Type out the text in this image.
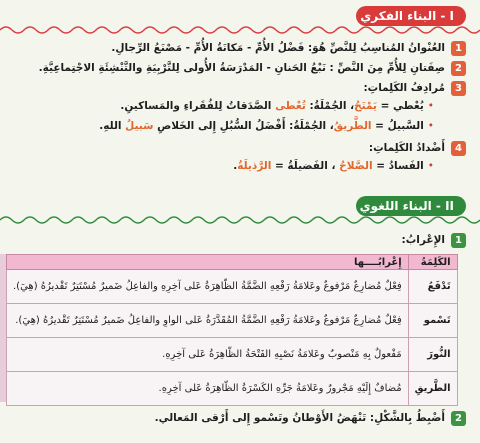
I - البناء الفكري
1العُنْوانُ المُناسِبُ لِلنَّصِّ هُوَ: فَضْلُ الأُمِّ - مَكانَةُ الأُمِّ - مَصْنَعُ الرِّجالِ.
2صِفَتانِ لِلأُمِّ مِنَ النَّصِّ : نَبْعُ الحَنانِ - المَدْرَسَةُ الأُولى لِلتَّرْبِيَةِ والتَّنْشِئَةِ الاجْتِماعِيَّةِ.
3مُرادِفُ الكَلِماتِ:
•يُعْطي = يَمْنَحُ، الجُمْلَةُ: تُعْطى الصَّدَقاتُ لِلفُقَراءِ والمَساكينِ.
•السَّبيلُ = الطَّريقُ، الجُمْلَةُ: أَفْضَلُ السُّبُلِ إِلى الخَلاصِ سَبيلُ اللهِ.
4أَضْدادُ الكَلِماتِ:
•الفَسادُ = الصَّلاحُ ، الفَضيلَةُ = الرَّذيلَةُ.
II - البناء اللغوي
1الإِعْرابُ:
الكَلِمَةُ	إِعْرابُــــها
تَدْفَعُ	فِعْلٌ مُضارِعٌ مَرْفوعٌ وعَلامَةُ رَفْعِهِ الضَّمَّةُ الظّاهِرَةُ عَلى آخِرِهِ والفاعِلُ ضَميرٌ مُسْتَتِرٌ تَقْديرُهُ (هِيَ).
تَسْمو	فِعْلٌ مُضارِعٌ مَرْفوعٌ وعَلامَةُ رَفْعِهِ الضَّمَّةُ المُقَدَّرَةُ عَلى الواوِ والفاعِلُ ضَميرٌ مُسْتَتِرٌ تَقْديرُهُ (هِيَ).
النُّورَ	مَفْعولٌ بِهِ مَنْصوبٌ وعَلامَةُ نَصْبِهِ الفَتْحَةُ الظّاهِرَةُ عَلى آخِرِهِ.
الطَّريقِ	مُضافٌ إِلَيْهِ مَجْرورٌ وعَلامَةُ جَرِّهِ الكَسْرَةُ الظّاهِرَةُ عَلى آخِرِهِ.
2أَضْبِطُ بِالشَّكْلِ: تَنْهَضُ الأَوْطانُ وتَسْمو إِلى أَرْقى المَعالي.
